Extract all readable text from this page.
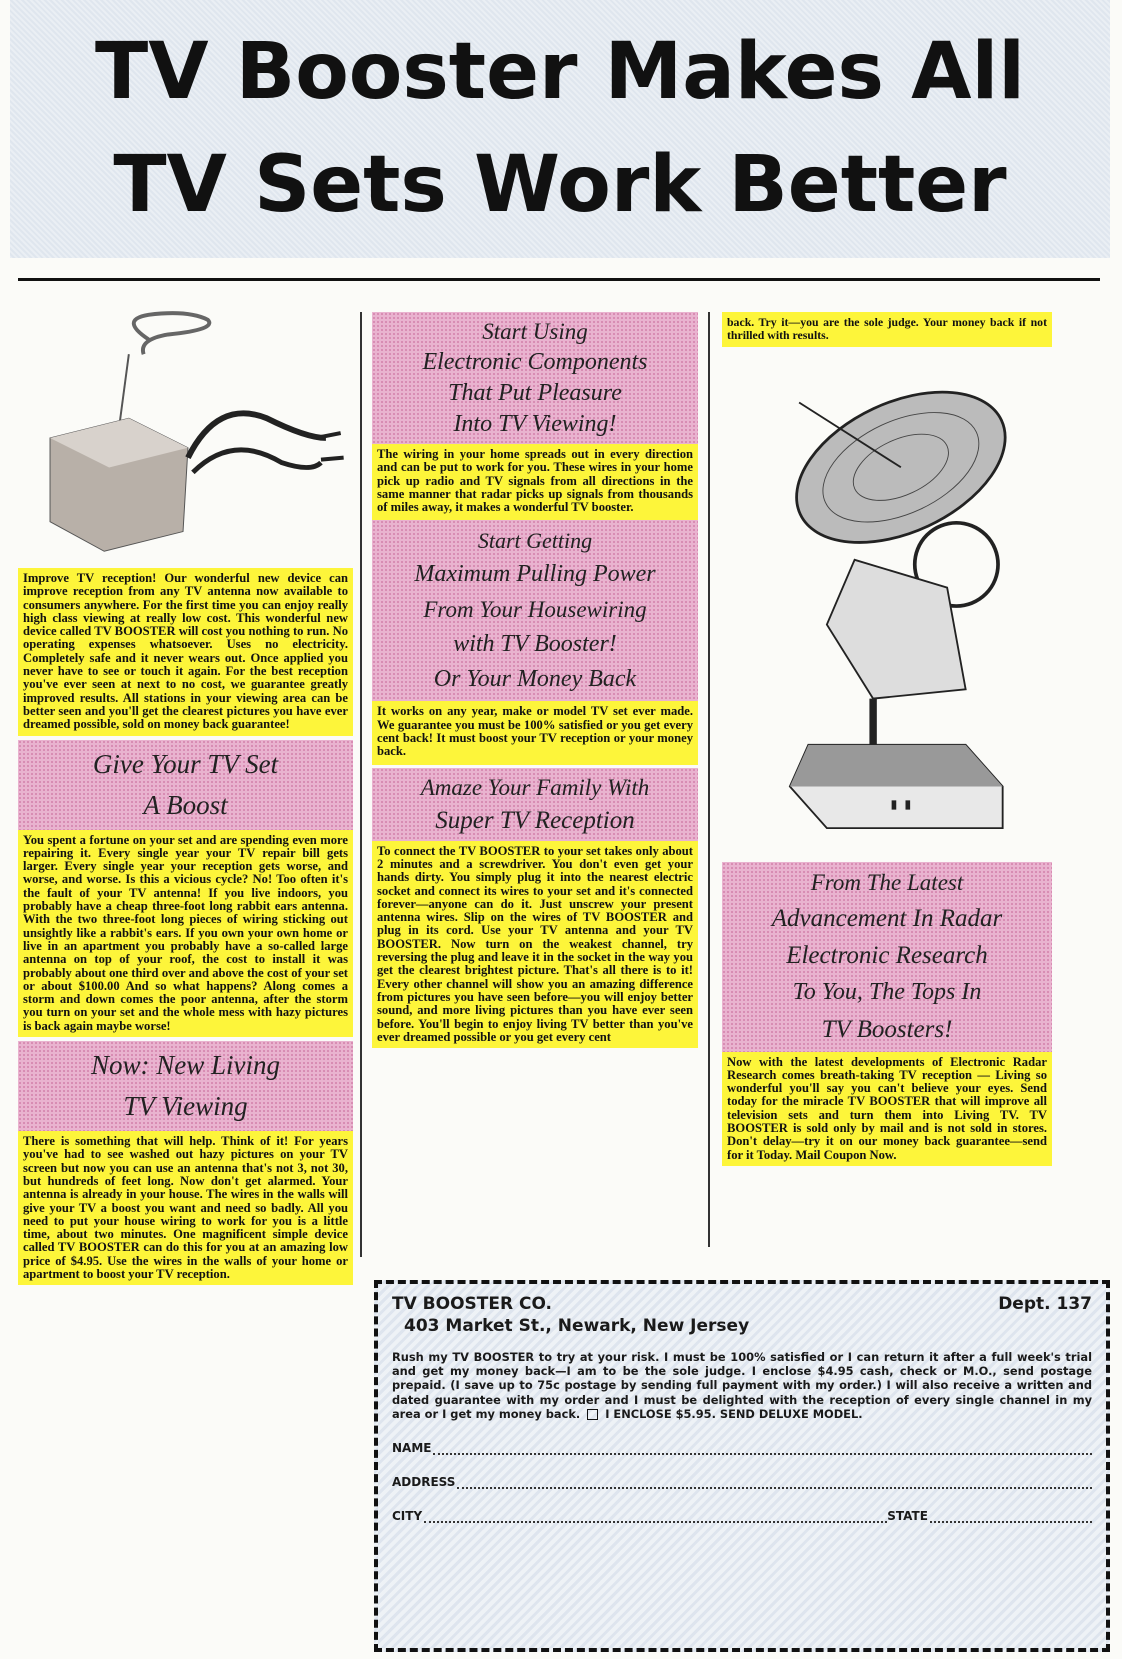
TV Booster Makes All
TV Sets Work Better
Improve TV reception! Our wonderful new device can improve reception from any TV antenna now available to consumers anywhere. For the first time you can enjoy really high class viewing at really low cost. This wonderful new device called TV BOOSTER will cost you nothing to run. No operating expenses whatsoever. Uses no electricity. Completely safe and it never wears out. Once applied you never have to see or touch it again. For the best reception you've ever seen at next to no cost, we guarantee greatly improved results. All stations in your viewing area can be better seen and you'll get the clearest pictures you have ever dreamed possible, sold on money back guarantee!
Give Your TV Set
A Boost
You spent a fortune on your set and are spending even more repairing it. Every single year your TV repair bill gets larger. Every single year your reception gets worse, and worse, and worse. Is this a vicious cycle? No! Too often it's the fault of your TV antenna! If you live indoors, you probably have a cheap three-foot long rabbit ears antenna. With the two three-foot long pieces of wiring sticking out unsightly like a rabbit's ears. If you own your own home or live in an apartment you probably have a so-called large antenna on top of your roof, the cost to install it was probably about one third over and above the cost of your set or about $100.00 And so what happens? Along comes a storm and down comes the poor antenna, after the storm you turn on your set and the whole mess with hazy pictures is back again maybe worse!
Now: New Living
TV Viewing
There is something that will help. Think of it! For years you've had to see washed out hazy pictures on your TV screen but now you can use an antenna that's not 3, not 30, but hundreds of feet long. Now don't get alarmed. Your antenna is already in your house. The wires in the walls will give your TV a boost you want and need so badly. All you need to put your house wiring to work for you is a little time, about two minutes. One magnificent simple device called TV BOOSTER can do this for you at an amazing low price of $4.95. Use the wires in the walls of your home or apartment to boost your TV reception.
Start Using
Electronic Components
That Put Pleasure
Into TV Viewing!
The wiring in your home spreads out in every direction and can be put to work for you. These wires in your home pick up radio and TV signals from all directions in the same manner that radar picks up signals from thousands of miles away, it makes a wonderful TV booster.
Start Getting
Maximum Pulling Power
From Your Housewiring
with TV Booster!
Or Your Money Back
It works on any year, make or model TV set ever made. We guarantee you must be 100% satisfied or you get every cent back! It must boost your TV reception or your money back.
Amaze Your Family With
Super TV Reception
To connect the TV BOOSTER to your set takes only about 2 minutes and a screwdriver. You don't even get your hands dirty. You simply plug it into the nearest electric socket and connect its wires to your set and it's connected forever—anyone can do it. Just unscrew your present antenna wires. Slip on the wires of TV BOOSTER and plug in its cord. Use your TV antenna and your TV BOOSTER. Now turn on the weakest channel, try reversing the plug and leave it in the socket in the way you get the clearest brightest picture. That's all there is to it! Every other channel will show you an amazing difference from pictures you have seen before—you will enjoy better sound, and more living pictures than you have ever seen before. You'll begin to enjoy living TV better than you've ever dreamed possible or you get every cent
back. Try it—you are the sole judge. Your money back if not thrilled with results.
From The Latest
Advancement In Radar
Electronic Research
To You, The Tops In
TV Boosters!
Now with the latest developments of Electronic Radar Research comes breath-taking TV reception — Living so wonderful you'll say you can't believe your eyes. Send today for the miracle TV BOOSTER that will improve all television sets and turn them into Living TV. TV BOOSTER is sold only by mail and is not sold in stores. Don't delay—try it on our money back guarantee—send for it Today. Mail Coupon Now.
TV BOOSTER CO.
403 Market St., Newark, New Jersey
Dept. 137
Rush my TV BOOSTER to try at your risk. I must be 100% satisfied or I can return it after a full week's trial and get my money back—I am to be the sole judge. I enclose $4.95 cash, check or M.O., send postage prepaid. (I save up to 75c postage by sending full payment with my order.) I will also receive a written and dated guarantee with my order and I must be delighted with the reception of every single channel in my area or I get my money back. I ENCLOSE $5.95. SEND DELUXE MODEL.
NAME
ADDRESS
CITY	STATE
